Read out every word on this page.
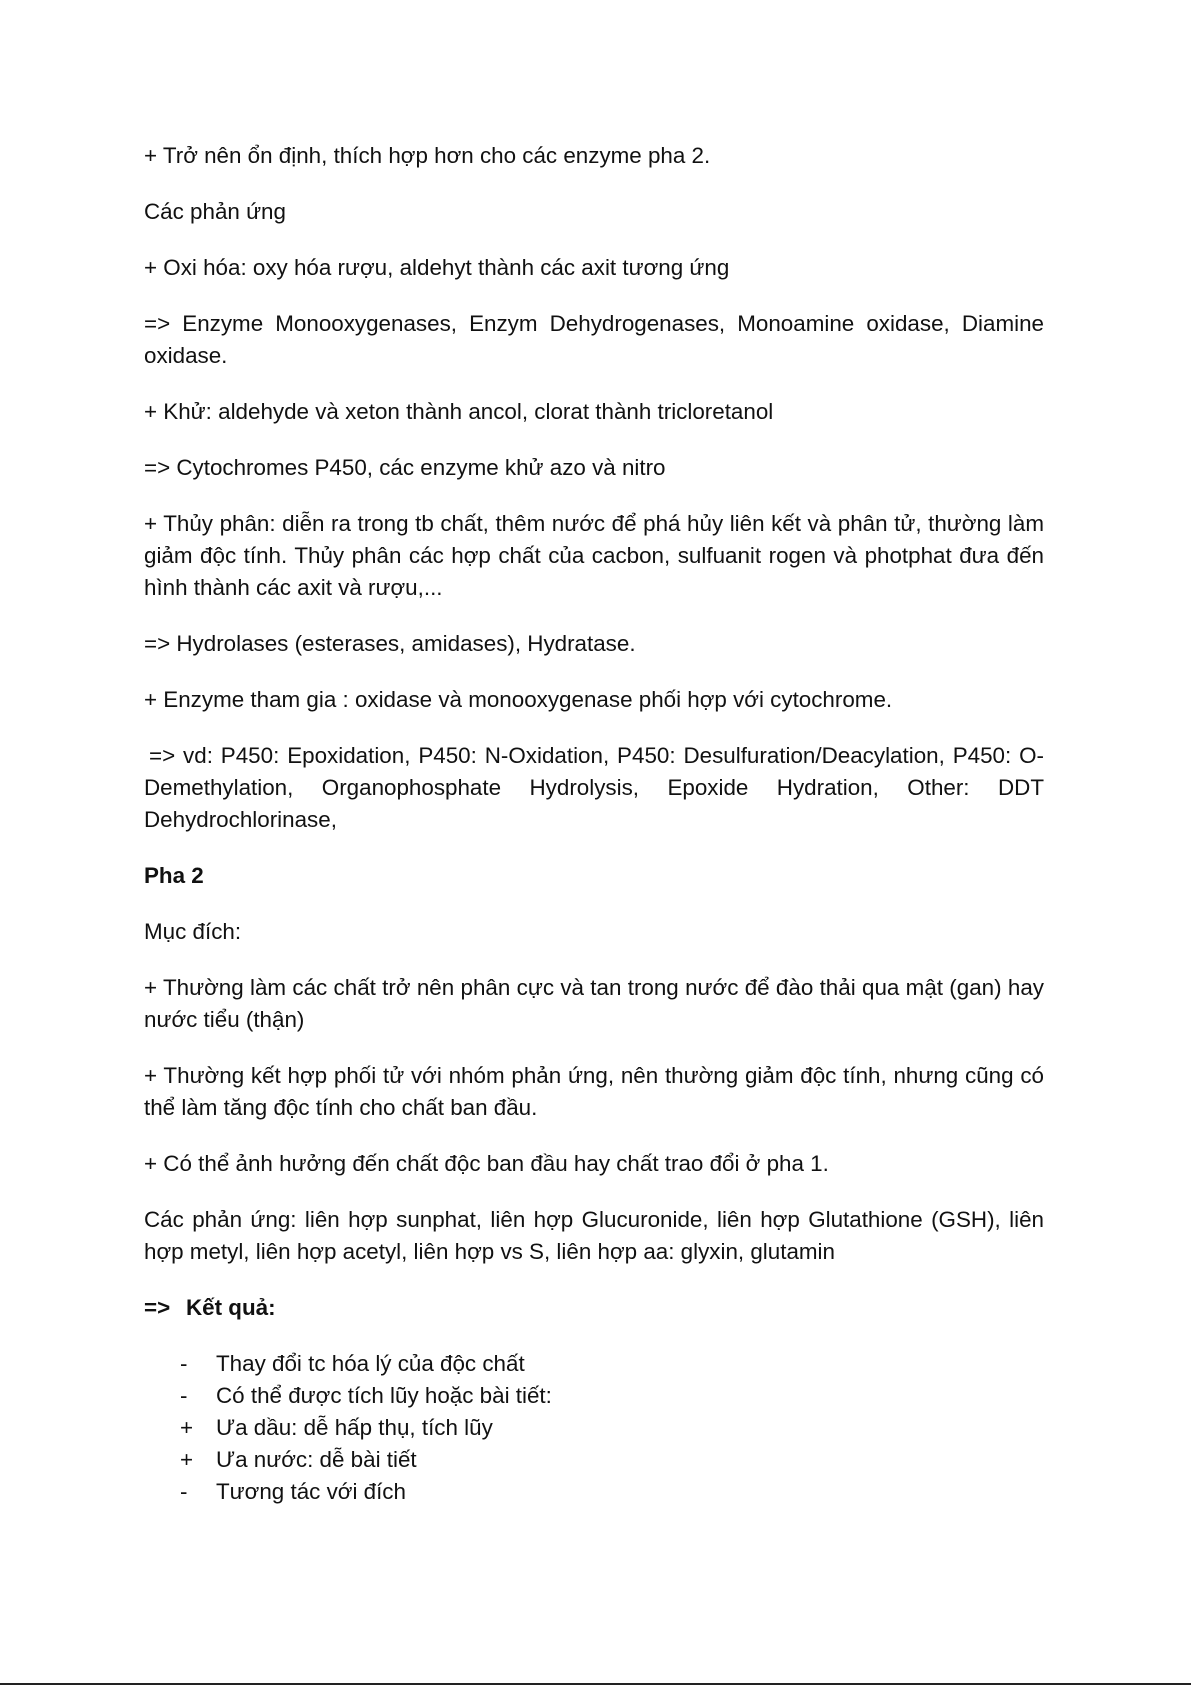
+ Trở nên ổn định, thích hợp hơn cho các enzyme pha 2.

Các phản ứng

+ Oxi hóa: oxy hóa rượu, aldehyt thành các axit tương ứng

=> Enzyme Monooxygenases, Enzym Dehydrogenases, Monoamine oxidase, Diamine oxidase.

+ Khử: aldehyde và xeton thành ancol, clorat thành tricloretanol

=> Cytochromes P450, các enzyme khử azo và nitro

+ Thủy phân: diễn ra trong tb chất, thêm nước để phá hủy liên kết và phân tử, thường làm giảm độc tính. Thủy phân các hợp chất của cacbon, sulfuanit rogen và photphat đưa đến hình thành các axit và rượu,...

=> Hydrolases (esterases, amidases), Hydratase.

+ Enzyme tham gia : oxidase và monooxygenase phối hợp với cytochrome.

=> vd: P450: Epoxidation, P450: N-Oxidation, P450: Desulfuration/Deacylation, P450: O-Demethylation, Organophosphate Hydrolysis, Epoxide Hydration, Other: DDT Dehydrochlorinase,

Pha 2

Mục đích:

+ Thường làm các chất trở nên phân cực và tan trong nước để đào thải qua mật (gan) hay nước tiểu (thận)

+ Thường kết hợp phối tử với nhóm phản ứng, nên thường giảm độc tính, nhưng cũng có thể làm tăng độc tính cho chất ban đầu.

+ Có thể ảnh hưởng đến chất độc ban đầu hay chất trao đổi ở pha 1.

Các phản ứng: liên hợp sunphat, liên hợp Glucuronide, liên hợp Glutathione (GSH), liên hợp metyl, liên hợp acetyl, liên hợp vs S, liên hợp aa: glyxin, glutamin

=> Kết quả:

- Thay đổi tc hóa lý của độc chất
- Có thể được tích lũy hoặc bài tiết:
+ Ưa dầu: dễ hấp thụ, tích lũy
+ Ưa nước: dễ bài tiết
- Tương tác với đích
